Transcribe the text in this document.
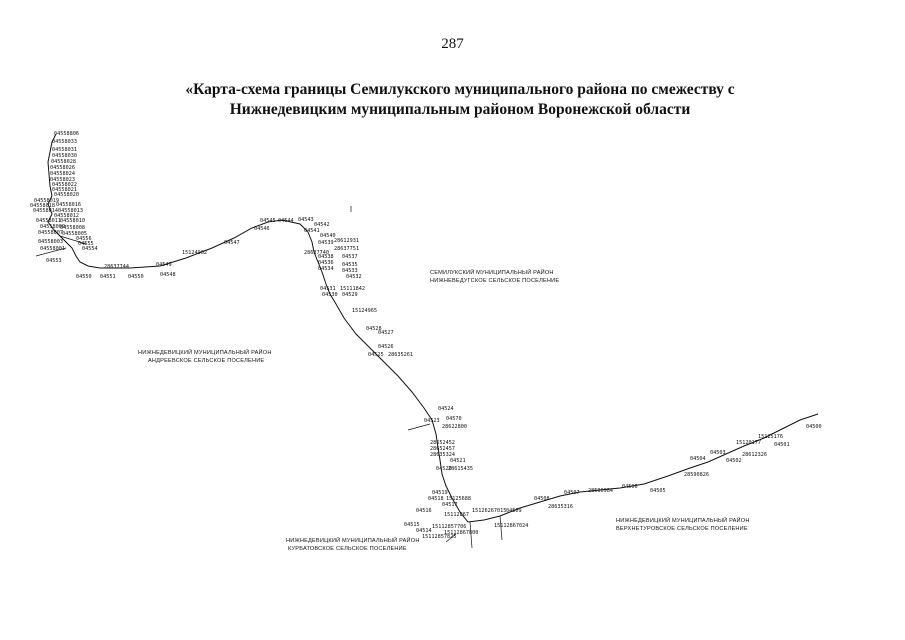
287
«Карта-схема границы Семилукского муниципального района по смежеству с
Нижнедевицким муниципальным районом Воронежской области
04558806
04558033
04558031
04558030
04558028
04558026
04558024
04558023
04558022
04558021
04558020
04558019
04558018 04558016
04558014 04558013
04558012
04558011 04558010
04558009
04558008
04558007 04558005
04558003
04558001
04556
04555
04554
04553
04550 04551
28637744
04550
04549
04548
15124962
04547
04545
04546
04544 04543
04542
04541
04540
28612931
04539
28637740
28637751
04538 04537
04536 04535
04534 04533
04532
04531 15111842
04530 04529
15124965
04528
04527
04526
28635261
04525
04524
04523 04570
28622800
28652452
28652457
28635324
04521
04520
28615435
04519
04518
04517
04516
15125688
04515
04514
15112857706
15112857825
15112867
15112867800
15126267015
15112867024
04509
04508
28635316
04507 28580984
04506
04505
04504
28590826
04503
04502
15120177
28612326
15125176
04501
04500
СЕМИЛУКСКИЙ МУНИЦИПАЛЬНЫЙ РАЙОН
НИЖНЕВЕДУГСКОЕ СЕЛЬСКОЕ ПОСЕЛЕНИЕ
НИЖНЕДЕВИЦКИЙ МУНИЦИПАЛЬНЫЙ РАЙОН
АНДРЕЕВСКОЕ СЕЛЬСКОЕ ПОСЕЛЕНИЕ
НИЖНЕДЕВИЦКИЙ МУНИЦИПАЛЬНЫЙ РАЙОН
КУРБАТОВСКОЕ СЕЛЬСКОЕ ПОСЕЛЕНИЕ
НИЖНЕДЕВИЦКИЙ МУНИЦИПАЛЬНЫЙ РАЙОН
ВЕРХНЕТУРОВСКОЕ СЕЛЬСКОЕ ПОСЕЛЕНИЕ
